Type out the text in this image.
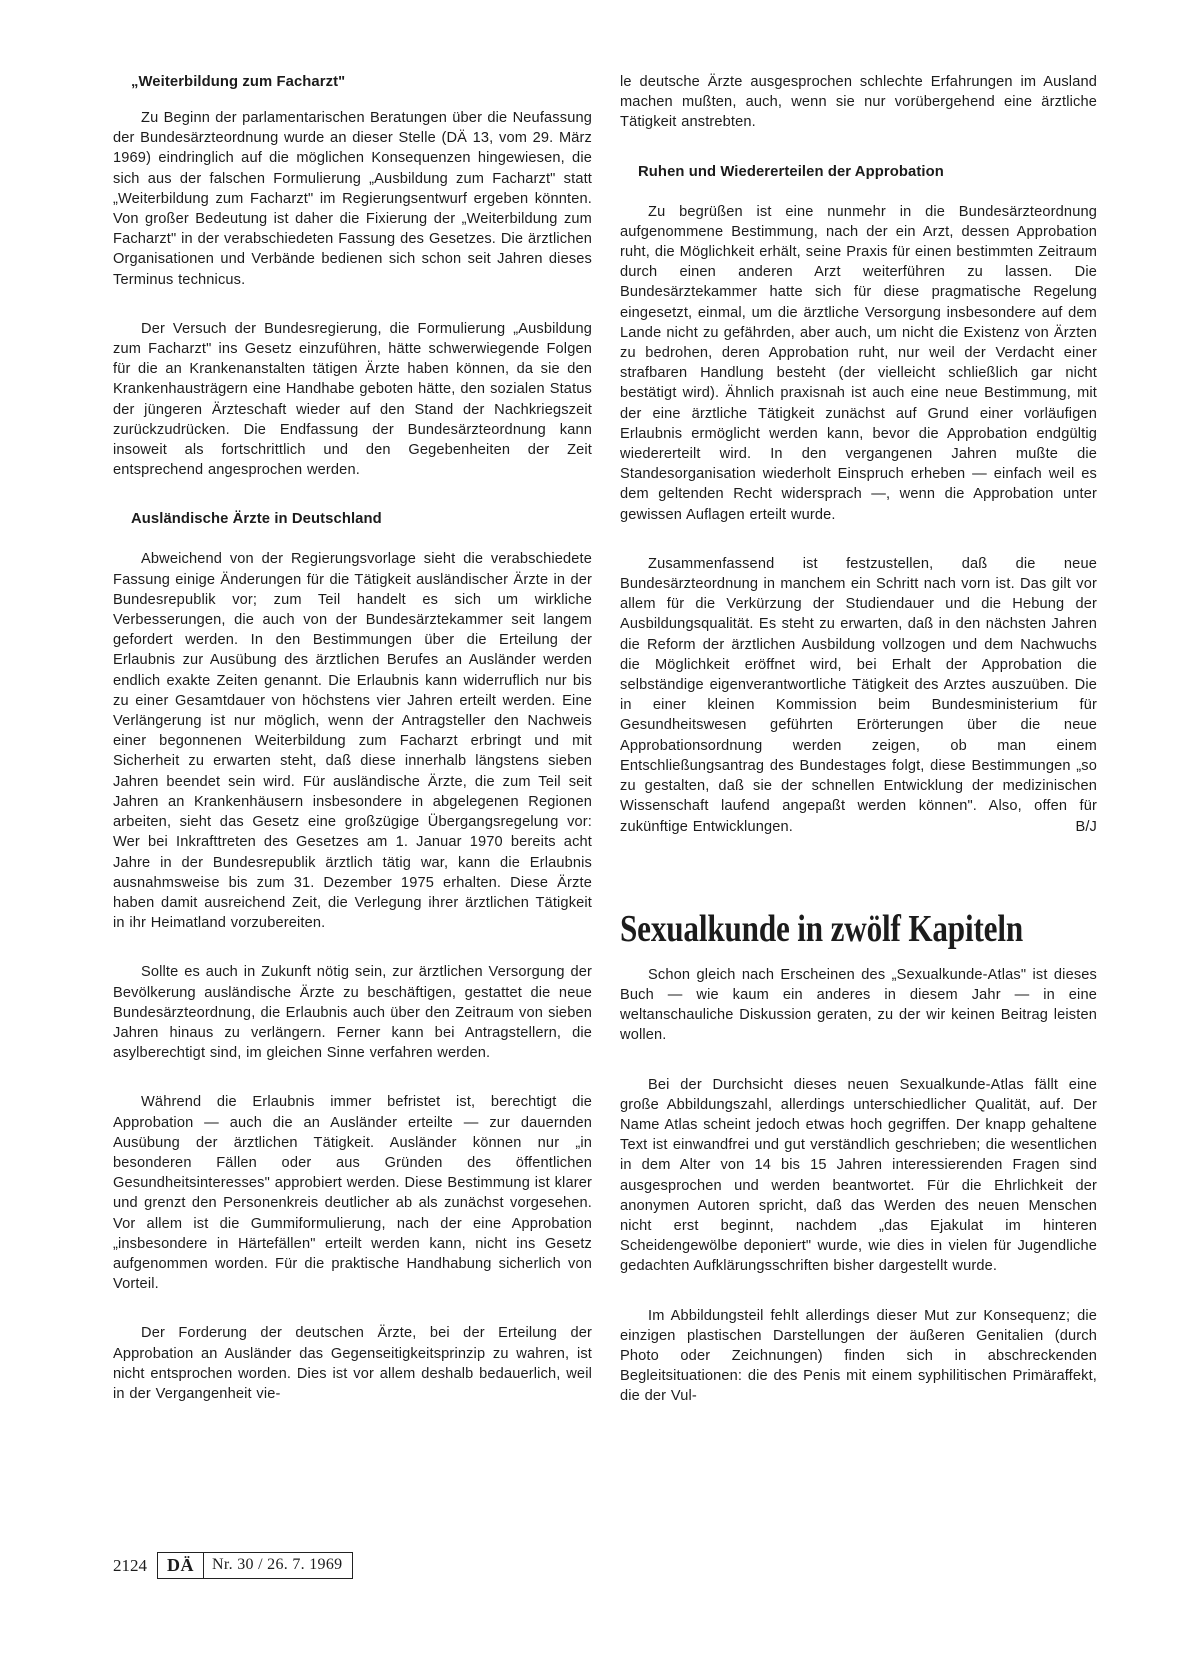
„Weiterbildung zum Facharzt"

Zu Beginn der parlamentarischen Beratungen über die Neufassung der Bundesärzteordnung wurde an dieser Stelle (DÄ 13, vom 29. März 1969) eindringlich auf die möglichen Konsequenzen hingewiesen, die sich aus der falschen Formulierung „Ausbildung zum Facharzt" statt „Weiterbildung zum Facharzt" im Regierungsentwurf ergeben könnten. Von großer Bedeutung ist daher die Fixierung der „Weiterbildung zum Facharzt" in der verabschiedeten Fassung des Gesetzes. Die ärztlichen Organisationen und Verbände bedienen sich schon seit Jahren dieses Terminus technicus.

Der Versuch der Bundesregierung, die Formulierung „Ausbildung zum Facharzt" ins Gesetz einzuführen, hätte schwerwiegende Folgen für die an Krankenanstalten tätigen Ärzte haben können, da sie den Krankenhausträgern eine Handhabe geboten hätte, den sozialen Status der jüngeren Ärzteschaft wieder auf den Stand der Nachkriegszeit zurückzudrücken. Die Endfassung der Bundesärzteordnung kann insoweit als fortschrittlich und den Gegebenheiten der Zeit entsprechend angesprochen werden.

Ausländische Ärzte in Deutschland

Abweichend von der Regierungsvorlage sieht die verabschiedete Fassung einige Änderungen für die Tätigkeit ausländischer Ärzte in der Bundesrepublik vor; zum Teil handelt es sich um wirkliche Verbesserungen, die auch von der Bundesärztekammer seit langem gefordert werden. In den Bestimmungen über die Erteilung der Erlaubnis zur Ausübung des ärztlichen Berufes an Ausländer werden endlich exakte Zeiten genannt. Die Erlaubnis kann widerruflich nur bis zu einer Gesamtdauer von höchstens vier Jahren erteilt werden. Eine Verlängerung ist nur möglich, wenn der Antragsteller den Nachweis einer begonnenen Weiterbildung zum Facharzt erbringt und mit Sicherheit zu erwarten steht, daß diese innerhalb längstens sieben Jahren beendet sein wird. Für ausländische Ärzte, die zum Teil seit Jahren an Krankenhäusern insbesondere in abgelegenen Regionen arbeiten, sieht das Gesetz eine großzügige Übergangsregelung vor: Wer bei Inkrafttreten des Gesetzes am 1. Januar 1970 bereits acht Jahre in der Bundesrepublik ärztlich tätig war, kann die Erlaubnis ausnahmsweise bis zum 31. Dezember 1975 erhalten. Diese Ärzte haben damit ausreichend Zeit, die Verlegung ihrer ärztlichen Tätigkeit in ihr Heimatland vorzubereiten.

Sollte es auch in Zukunft nötig sein, zur ärztlichen Versorgung der Bevölkerung ausländische Ärzte zu beschäftigen, gestattet die neue Bundesärzteordnung, die Erlaubnis auch über den Zeitraum von sieben Jahren hinaus zu verlängern. Ferner kann bei Antragstellern, die asylberechtigt sind, im gleichen Sinne verfahren werden.

Während die Erlaubnis immer befristet ist, berechtigt die Approbation — auch die an Ausländer erteilte — zur dauernden Ausübung der ärztlichen Tätigkeit. Ausländer können nur „in besonderen Fällen oder aus Gründen des öffentlichen Gesundheitsinteresses" approbiert werden. Diese Bestimmung ist klarer und grenzt den Personenkreis deutlicher ab als zunächst vorgesehen. Vor allem ist die Gummiformulierung, nach der eine Approbation „insbesondere in Härtefällen" erteilt werden kann, nicht ins Gesetz aufgenommen worden. Für die praktische Handhabung sicherlich von Vorteil.

Der Forderung der deutschen Ärzte, bei der Erteilung der Approbation an Ausländer das Gegenseitigkeitsprinzip zu wahren, ist nicht entsprochen worden. Dies ist vor allem deshalb bedauerlich, weil in der Vergangenheit vie-

le deutsche Ärzte ausgesprochen schlechte Erfahrungen im Ausland machen mußten, auch, wenn sie nur vorübergehend eine ärztliche Tätigkeit anstrebten.

Ruhen und Wiedererteilen der Approbation

Zu begrüßen ist eine nunmehr in die Bundesärzteordnung aufgenommene Bestimmung, nach der ein Arzt, dessen Approbation ruht, die Möglichkeit erhält, seine Praxis für einen bestimmten Zeitraum durch einen anderen Arzt weiterführen zu lassen. Die Bundesärztekammer hatte sich für diese pragmatische Regelung eingesetzt, einmal, um die ärztliche Versorgung insbesondere auf dem Lande nicht zu gefährden, aber auch, um nicht die Existenz von Ärzten zu bedrohen, deren Approbation ruht, nur weil der Verdacht einer strafbaren Handlung besteht (der vielleicht schließlich gar nicht bestätigt wird). Ähnlich praxisnah ist auch eine neue Bestimmung, mit der eine ärztliche Tätigkeit zunächst auf Grund einer vorläufigen Erlaubnis ermöglicht werden kann, bevor die Approbation endgültig wiedererteilt wird. In den vergangenen Jahren mußte die Standesorganisation wiederholt Einspruch erheben — einfach weil es dem geltenden Recht widersprach —, wenn die Approbation unter gewissen Auflagen erteilt wurde.

Zusammenfassend ist festzustellen, daß die neue Bundesärzteordnung in manchem ein Schritt nach vorn ist. Das gilt vor allem für die Verkürzung der Studiendauer und die Hebung der Ausbildungsqualität. Es steht zu erwarten, daß in den nächsten Jahren die Reform der ärztlichen Ausbildung vollzogen und dem Nachwuchs die Möglichkeit eröffnet wird, bei Erhalt der Approbation die selbständige eigenverantwortliche Tätigkeit des Arztes auszuüben. Die in einer kleinen Kommission beim Bundesministerium für Gesundheitswesen geführten Erörterungen über die neue Approbationsordnung werden zeigen, ob man einem Entschließungsantrag des Bundestages folgt, diese Bestimmungen „so zu gestalten, daß sie der schnellen Entwicklung der medizinischen Wissenschaft laufend angepaßt werden können". Also, offen für zukünftige Entwicklungen.	B/J

Sexualkunde in zwölf Kapiteln

Schon gleich nach Erscheinen des „Sexualkunde-Atlas" ist dieses Buch — wie kaum ein anderes in diesem Jahr — in eine weltanschauliche Diskussion geraten, zu der wir keinen Beitrag leisten wollen.

Bei der Durchsicht dieses neuen Sexualkunde-Atlas fällt eine große Abbildungszahl, allerdings unterschiedlicher Qualität, auf. Der Name Atlas scheint jedoch etwas hoch gegriffen. Der knapp gehaltene Text ist einwandfrei und gut verständlich geschrieben; die wesentlichen in dem Alter von 14 bis 15 Jahren interessierenden Fragen sind ausgesprochen und werden beantwortet. Für die Ehrlichkeit der anonymen Autoren spricht, daß das Werden des neuen Menschen nicht erst beginnt, nachdem „das Ejakulat im hinteren Scheidengewölbe deponiert" wurde, wie dies in vielen für Jugendliche gedachten Aufklärungsschriften bisher dargestellt wurde.

Im Abbildungsteil fehlt allerdings dieser Mut zur Konsequenz; die einzigen plastischen Darstellungen der äußeren Genitalien (durch Photo oder Zeichnungen) finden sich in abschreckenden Begleitsituationen: die des Penis mit einem syphilitischen Primäraffekt, die der Vul-

2124	DÄ	Nr. 30 / 26. 7. 1969
